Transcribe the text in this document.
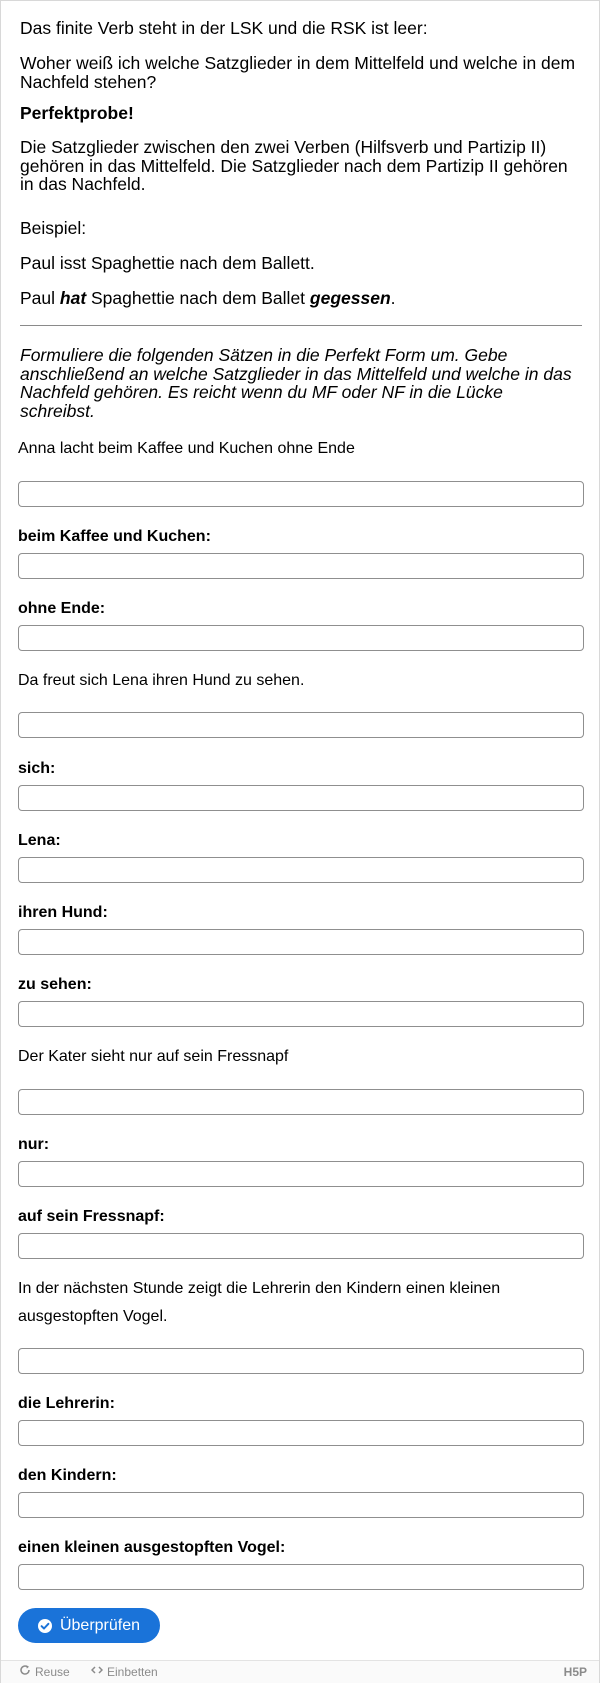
Das finite Verb steht in der LSK und die RSK ist leer:

Woher weiß ich welche Satzglieder in dem Mittelfeld und welche in dem Nachfeld stehen?

Perfektprobe!

Die Satzglieder zwischen den zwei Verben (Hilfsverb und Partizip II) gehören in das Mittelfeld. Die Satzglieder nach dem Partizip II gehören in das Nachfeld.

Beispiel:

Paul isst Spaghettie nach dem Ballett.

Paul hat Spaghettie nach dem Ballet gegessen.

Formuliere die folgenden Sätzen in die Perfekt Form um. Gebe anschließend an welche Satzglieder in das Mittelfeld und welche in das Nachfeld gehören. Es reicht wenn du MF oder NF in die Lücke schreibst.

Anna lacht beim Kaffee und Kuchen ohne Ende

beim Kaffee und Kuchen:

ohne Ende:

Da freut sich Lena ihren Hund zu sehen.

sich:

Lena:

ihren Hund:

zu sehen:

Der Kater sieht nur auf sein Fressnapf

nur:

auf sein Fressnapf:

In der nächsten Stunde zeigt die Lehrerin den Kindern einen kleinen ausgestopften Vogel.

die Lehrerin:

den Kindern:

einen kleinen ausgestopften Vogel:

Überprüfen
Reuse	Einbetten	H5P
